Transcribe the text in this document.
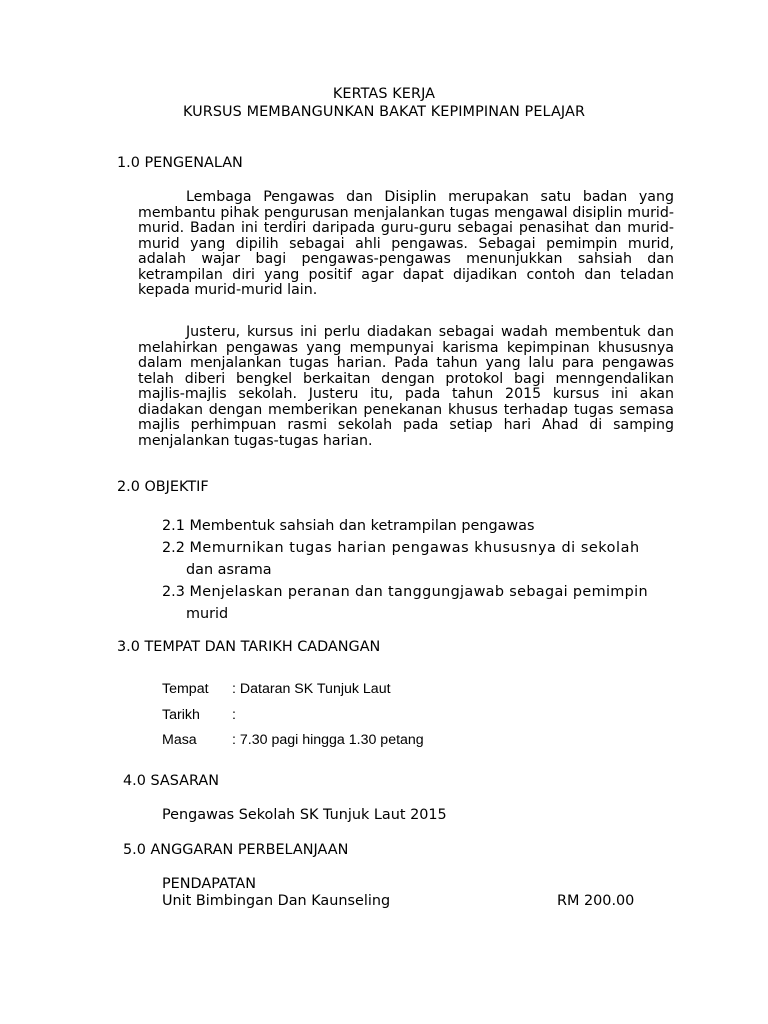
KERTAS KERJA
KURSUS MEMBANGUNKAN BAKAT KEPIMPINAN PELAJAR
1.0 PENGENALAN
Lembaga Pengawas dan Disiplin merupakan satu badan yang membantu pihak pengurusan menjalankan tugas mengawal disiplin murid-murid. Badan ini terdiri daripada guru-guru sebagai penasihat dan murid-murid yang dipilih sebagai ahli pengawas. Sebagai pemimpin murid, adalah wajar bagi pengawas-pengawas menunjukkan sahsiah dan ketrampilan diri yang positif agar dapat dijadikan contoh dan teladan kepada murid-murid lain.
Justeru, kursus ini perlu diadakan sebagai wadah membentuk dan melahirkan pengawas yang mempunyai karisma kepimpinan khususnya dalam menjalankan tugas harian. Pada tahun yang lalu para pengawas telah diberi bengkel berkaitan dengan protokol bagi menngendalikan majlis-majlis sekolah. Justeru itu, pada tahun 2015 kursus ini akan diadakan dengan memberikan penekanan khusus terhadap tugas semasa majlis perhimpuan rasmi sekolah pada setiap hari Ahad di samping menjalankan tugas-tugas harian.
2.0 OBJEKTIF
2.1 Membentuk sahsiah dan ketrampilan pengawas
2.2 Memurnikan tugas harian pengawas khususnya di sekolah
dan asrama
2.3 Menjelaskan peranan dan tanggungjawab sebagai pemimpin
murid
3.0 TEMPAT DAN TARIKH CADANGAN
Tempat : Dataran SK Tunjuk Laut
Tarikh :
Masa : 7.30 pagi hingga 1.30 petang
4.0 SASARAN
Pengawas Sekolah SK Tunjuk Laut 2015
5.0 ANGGARAN PERBELANJAAN
PENDAPATAN
Unit Bimbingan Dan Kaunseling	RM 200.00
